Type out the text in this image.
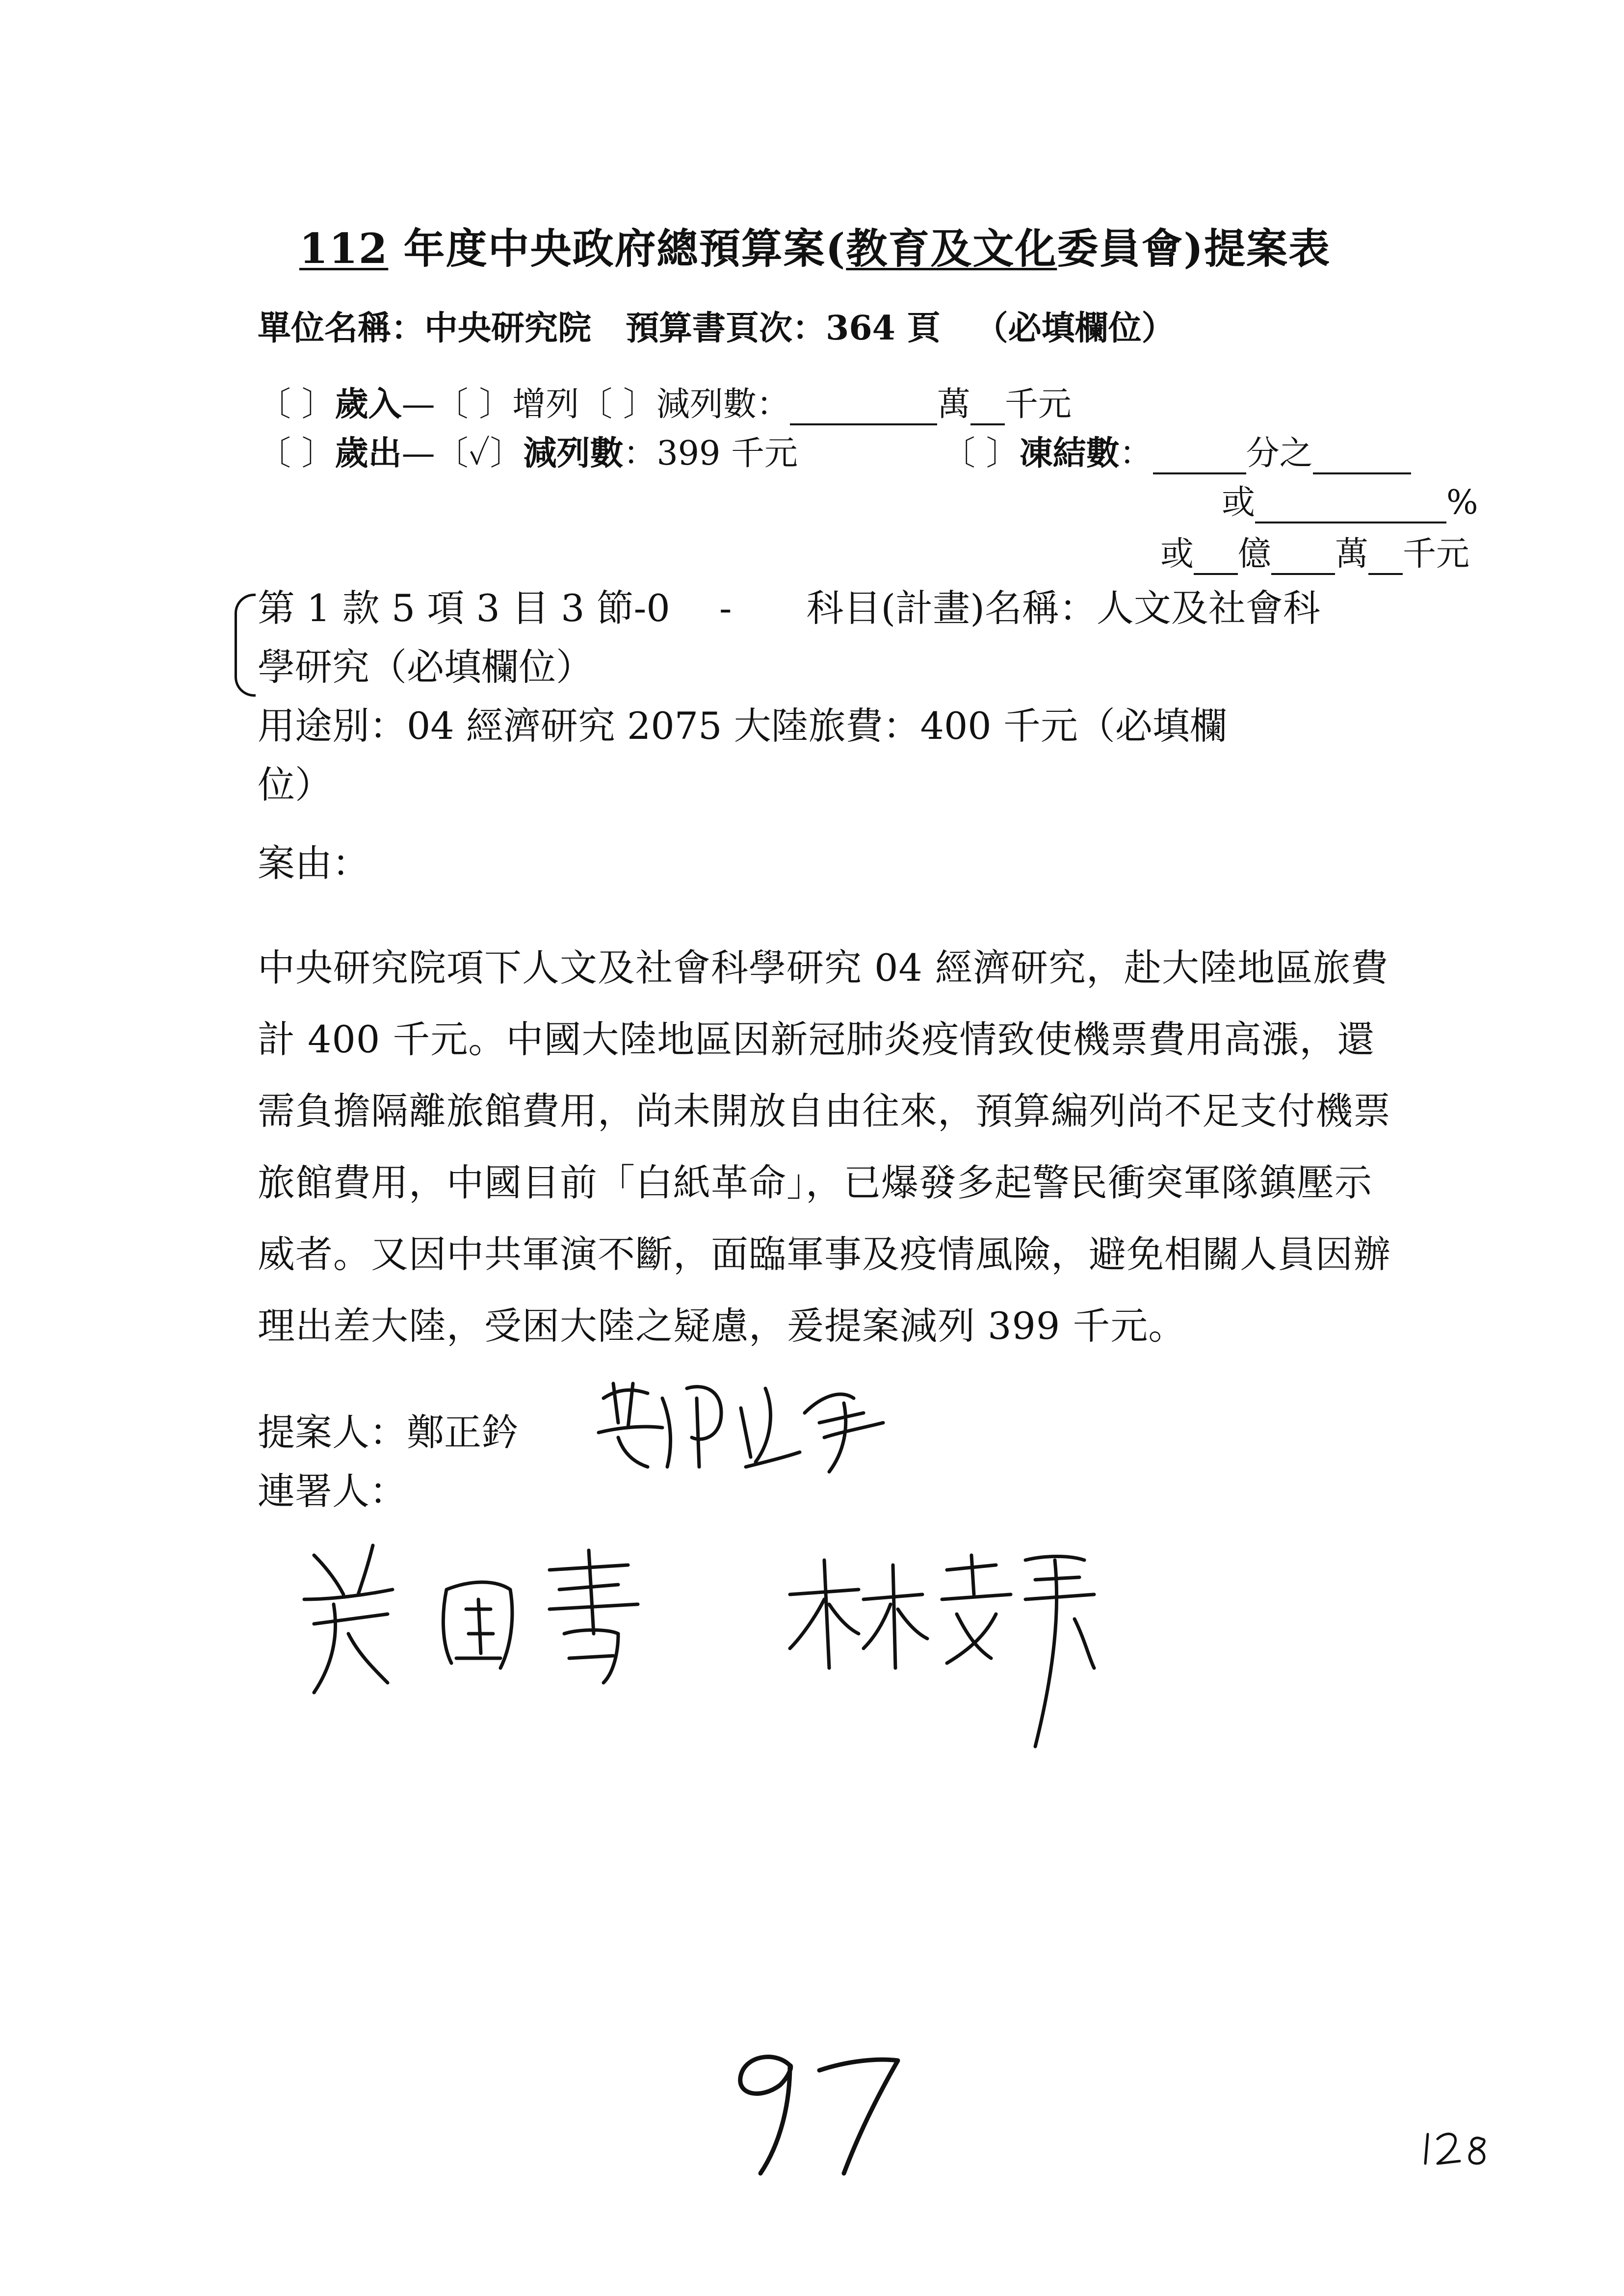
112 年度中央政府總預算案(教育及文化委員會)提案表
單位名稱：中央研究院 預算書頁次：364 頁 （必填欄位）
〔 〕歲入—〔 〕增列〔 〕減列數：	萬 千元
〔 〕歲出—〔✓〕減列數：399 千元	〔 〕凍結數：	分之
或	%
或 億 萬 千元
第 1 款 5 項 3 目 3 節-0　 -　　科目(計畫)名稱：人文及社會科
學研究（必填欄位）
用途別：04 經濟研究 2075 大陸旅費：400 千元（必填欄
位）
案由：
中央研究院項下人文及社會科學研究 04 經濟研究，赴大陸地區旅費計 400 千元。中國大陸地區因新冠肺炎疫情致使機票費用高漲，還需負擔隔離旅館費用，尚未開放自由往來，預算編列尚不足支付機票旅館費用，中國目前「白紙革命」，已爆發多起警民衝突軍隊鎮壓示威者。又因中共軍演不斷，面臨軍事及疫情風險，避免相關人員因辦理出差大陸，受困大陸之疑慮，爰提案減列 399 千元。
提案人：鄭正鈐
連署人：
